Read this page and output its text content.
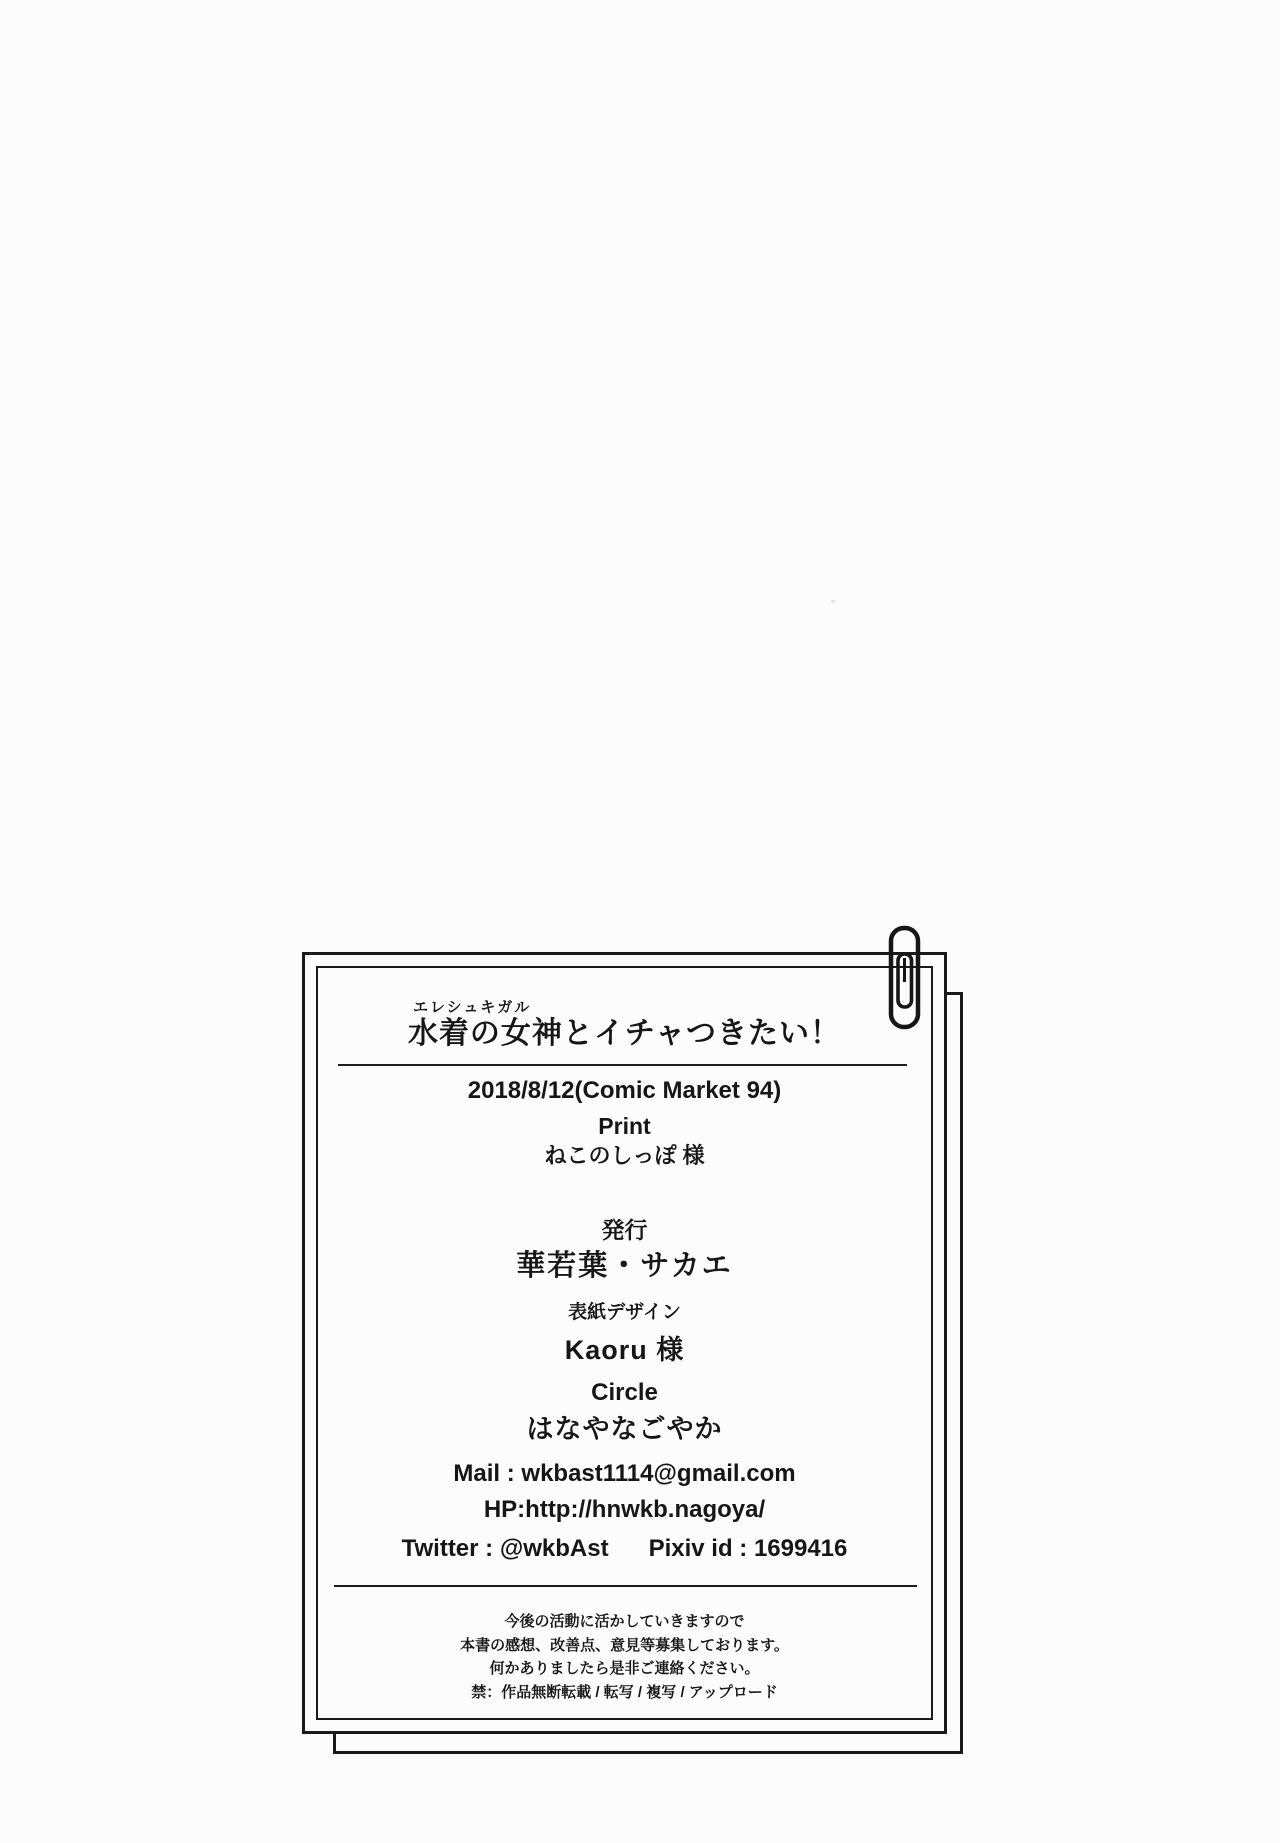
エレシュキガル
水着の女神とイチャつきたい！
2018/8/12(Comic Market 94)
Print
ねこのしっぽ 様
発行
華若葉・サカエ
表紙デザイン
Kaoru 様
Circle
はなやなごやか
Mail : wkbast1114@gmail.com
HP:http://hnwkb.nagoya/
Twitter : @wkbAst Pixiv id : 1699416
今後の活動に活かしていきますので
本書の感想、改善点、意見等募集しております。
何かありましたら是非ご連絡ください。
禁：作品無断転載 / 転写 / 複写 / アップロード
